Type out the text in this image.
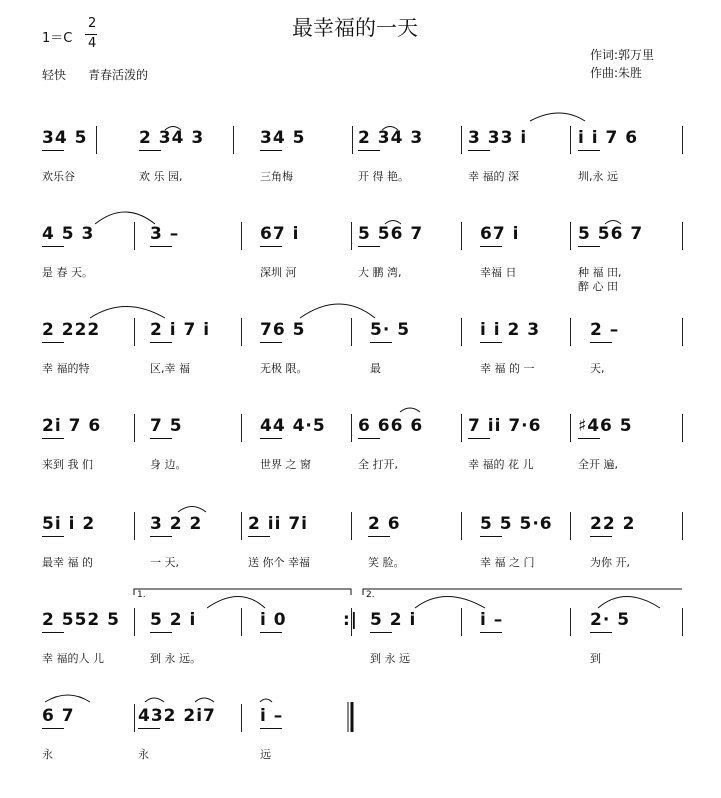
最幸福的一天
1＝C
2
4
轻快 青春活泼的
作词:郭万里
作曲:朱胜
34 5
欢乐谷
2 34 3
欢 乐 园,
34 5
三角梅
2 34 3
开 得 艳。
3 33 i
幸 福的 深
i i 7 6
圳,永 远
4 5 3
是 春 天。
3 –	67 i
深圳 河
5 56 7
大 鹏 湾,
67 i
幸福 日
5 56 7
种 福 田,
醉 心 田
2 222
幸 福的特
2 i 7 i
区,幸 福
76 5
无极 限。
5· 5
最
i i 2 3
幸 福 的 一
2 –
天,
2i 7 6
来到 我 们
7 5
身 边。
44 4·5
世界 之 窗
6 66 6
全 打开,
7 ii 7·6
幸 福的 花 儿
♯46 5
全开 遍,
5i i 2
最幸 福 的
3 2 2
一 天,
2 ii 7i
送 你个 幸福
2 6
笑 脸。
5 5 5·6
幸 福 之 门
22 2
为你 开,
:|
2 552 5
幸 福的人 儿
5 2 i
到 永 远。
i 0	5 2 i
到 永 远
i –	2· 5
到
6 7
永
432 2i7
永
i –
远
1.	2.
